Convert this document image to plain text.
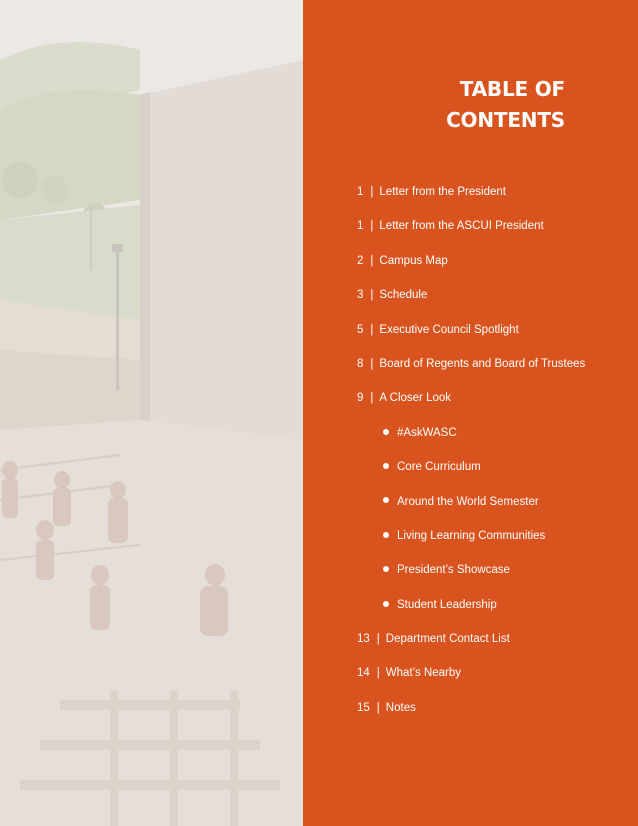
TABLE OF
CONTENTS
1 | Letter from the President
1 | Letter from the ASCUI President
2 | Campus Map
3 | Schedule
5 | Executive Council Spotlight
8 | Board of Regents and Board of Trustees
9 | A Closer Look
#AskWASC
Core Curriculum
Around the World Semester
Living Learning Communities
President’s Showcase
Student Leadership
13 | Department Contact List
14 | What’s Nearby
15 | Notes
